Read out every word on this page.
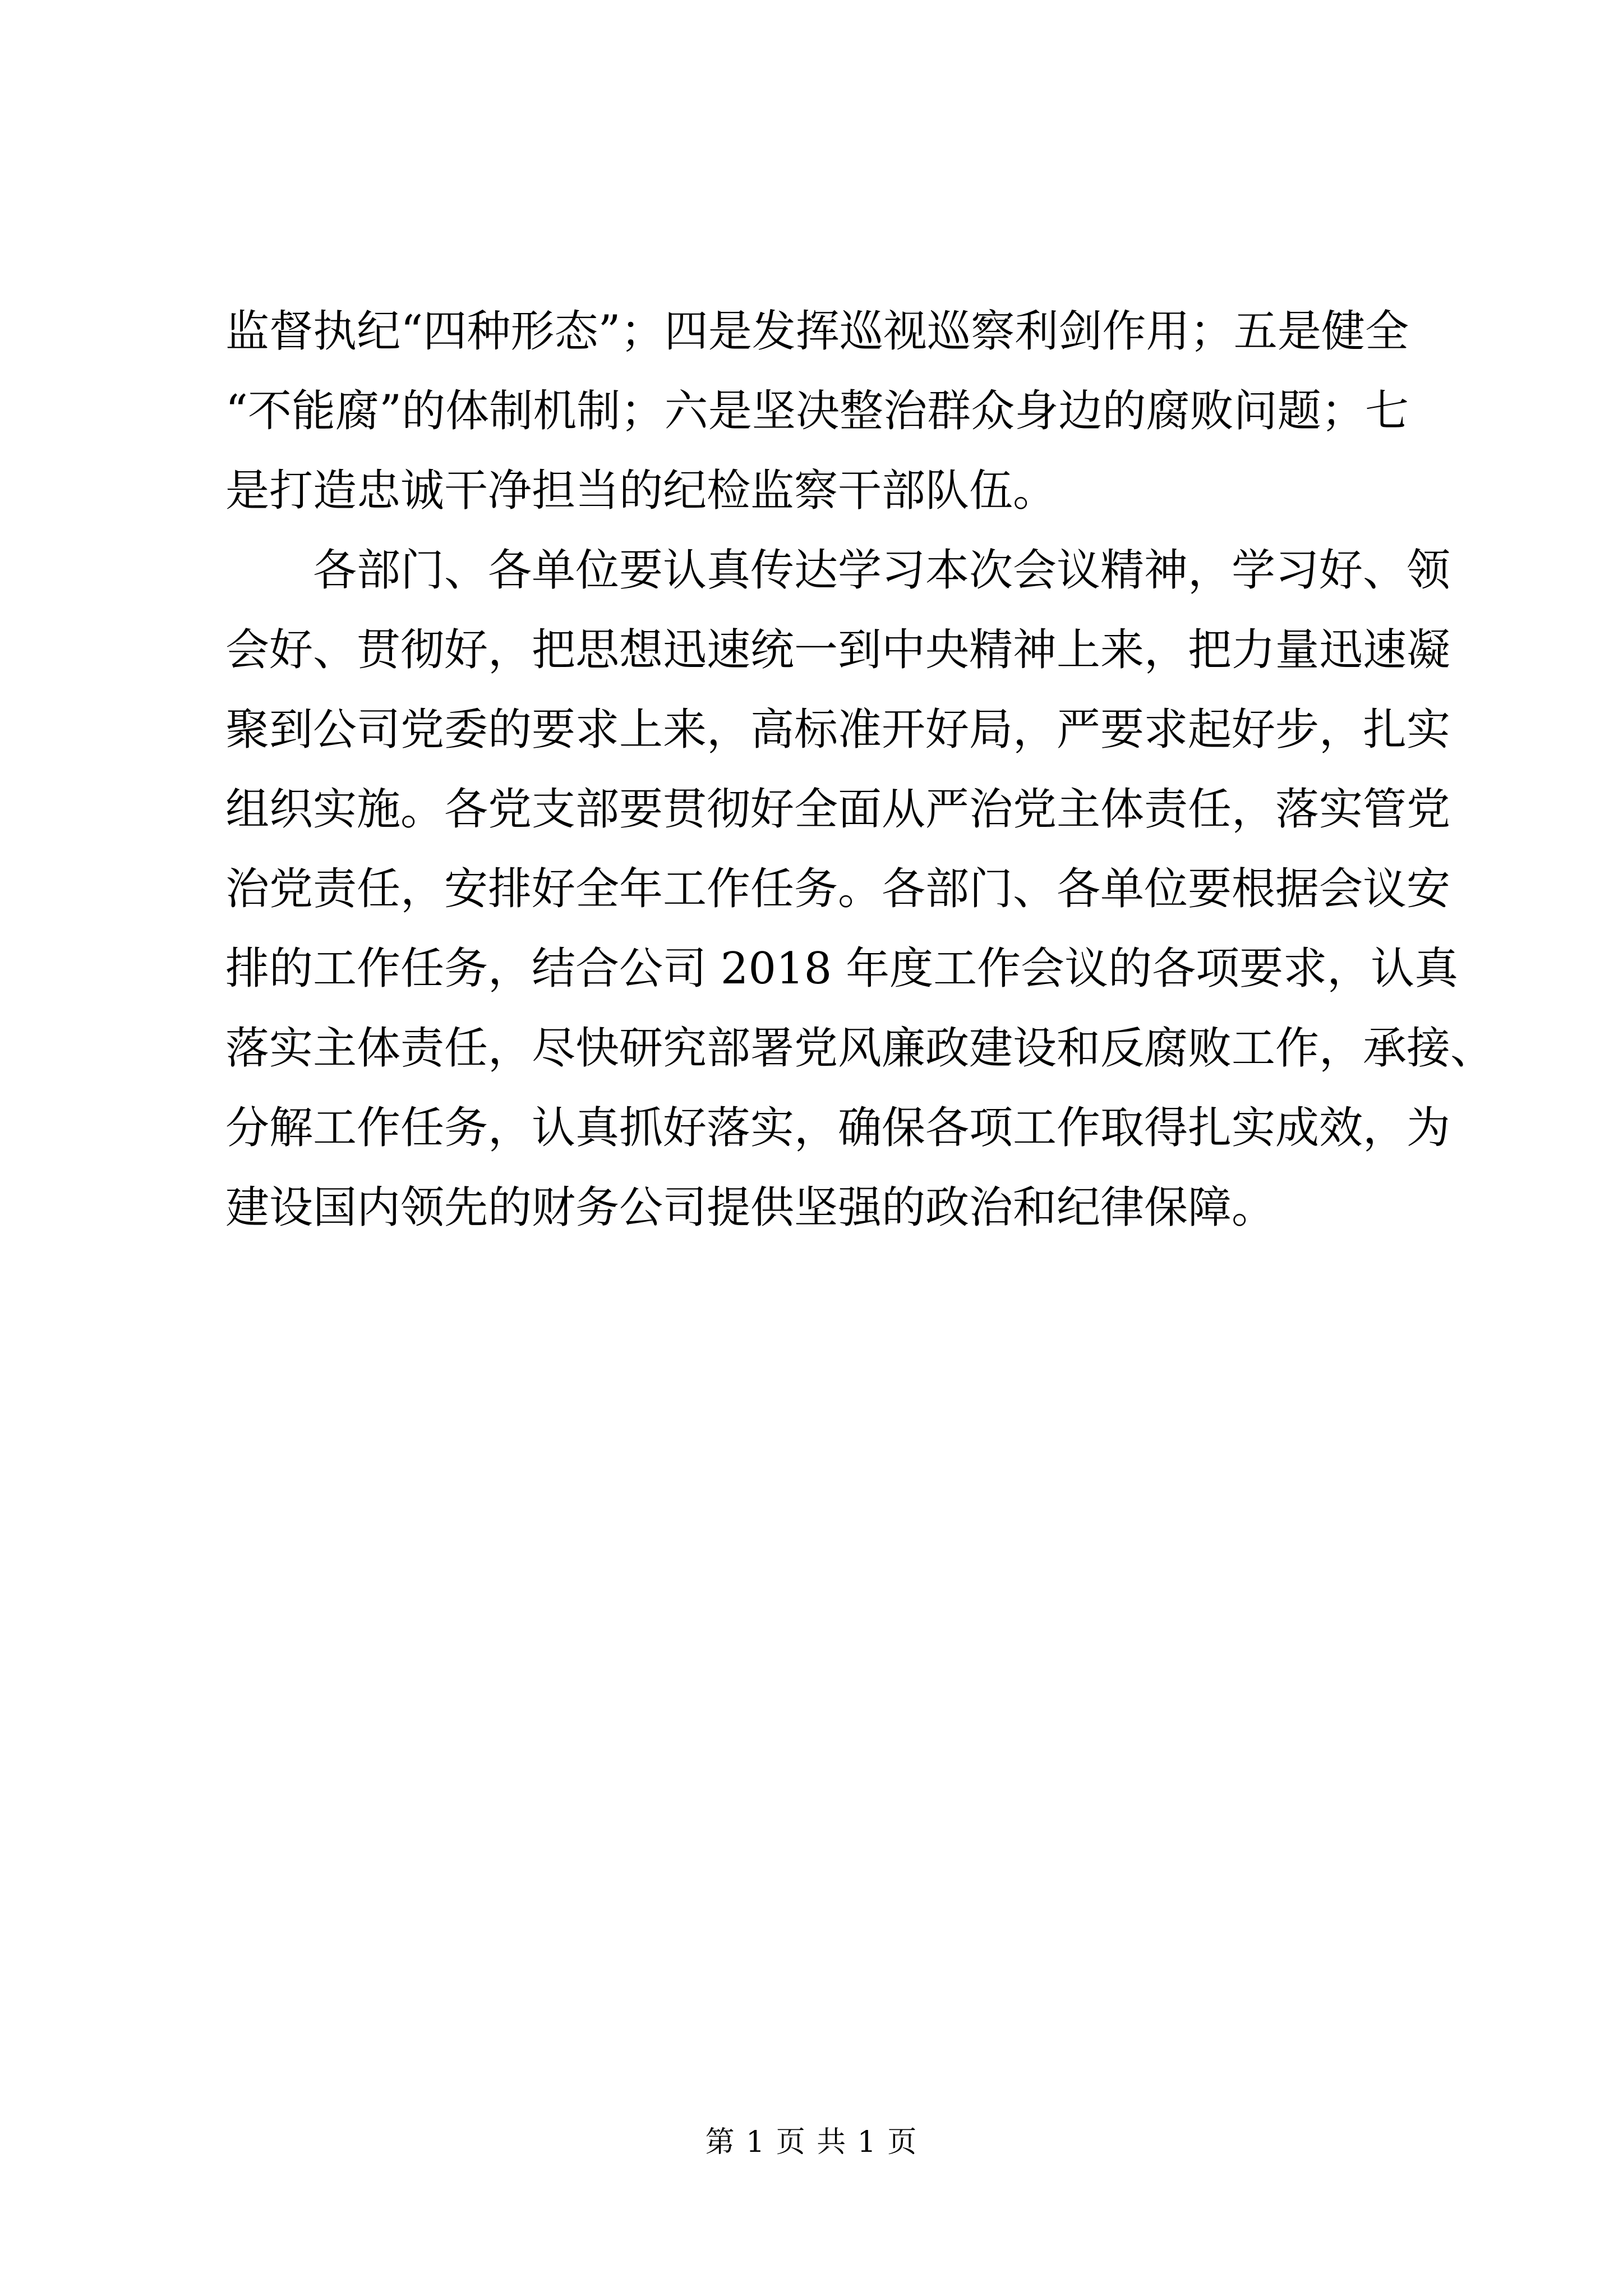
监督执纪“四种形态”；四是发挥巡视巡察利剑作用；五是健全
“不能腐”的体制机制；六是坚决整治群众身边的腐败问题；七
是打造忠诚干净担当的纪检监察干部队伍。
各部门、各单位要认真传达学习本次会议精神，学习好、领
会好、贯彻好，把思想迅速统一到中央精神上来，把力量迅速凝
聚到公司党委的要求上来，高标准开好局，严要求起好步，扎实
组织实施。各党支部要贯彻好全面从严治党主体责任，落实管党
治党责任，安排好全年工作任务。各部门、各单位要根据会议安
排的工作任务，结合公司 2018 年度工作会议的各项要求，认真
落实主体责任，尽快研究部署党风廉政建设和反腐败工作，承接、
分解工作任务，认真抓好落实，确保各项工作取得扎实成效，为
建设国内领先的财务公司提供坚强的政治和纪律保障。
第 1 页 共 1 页
